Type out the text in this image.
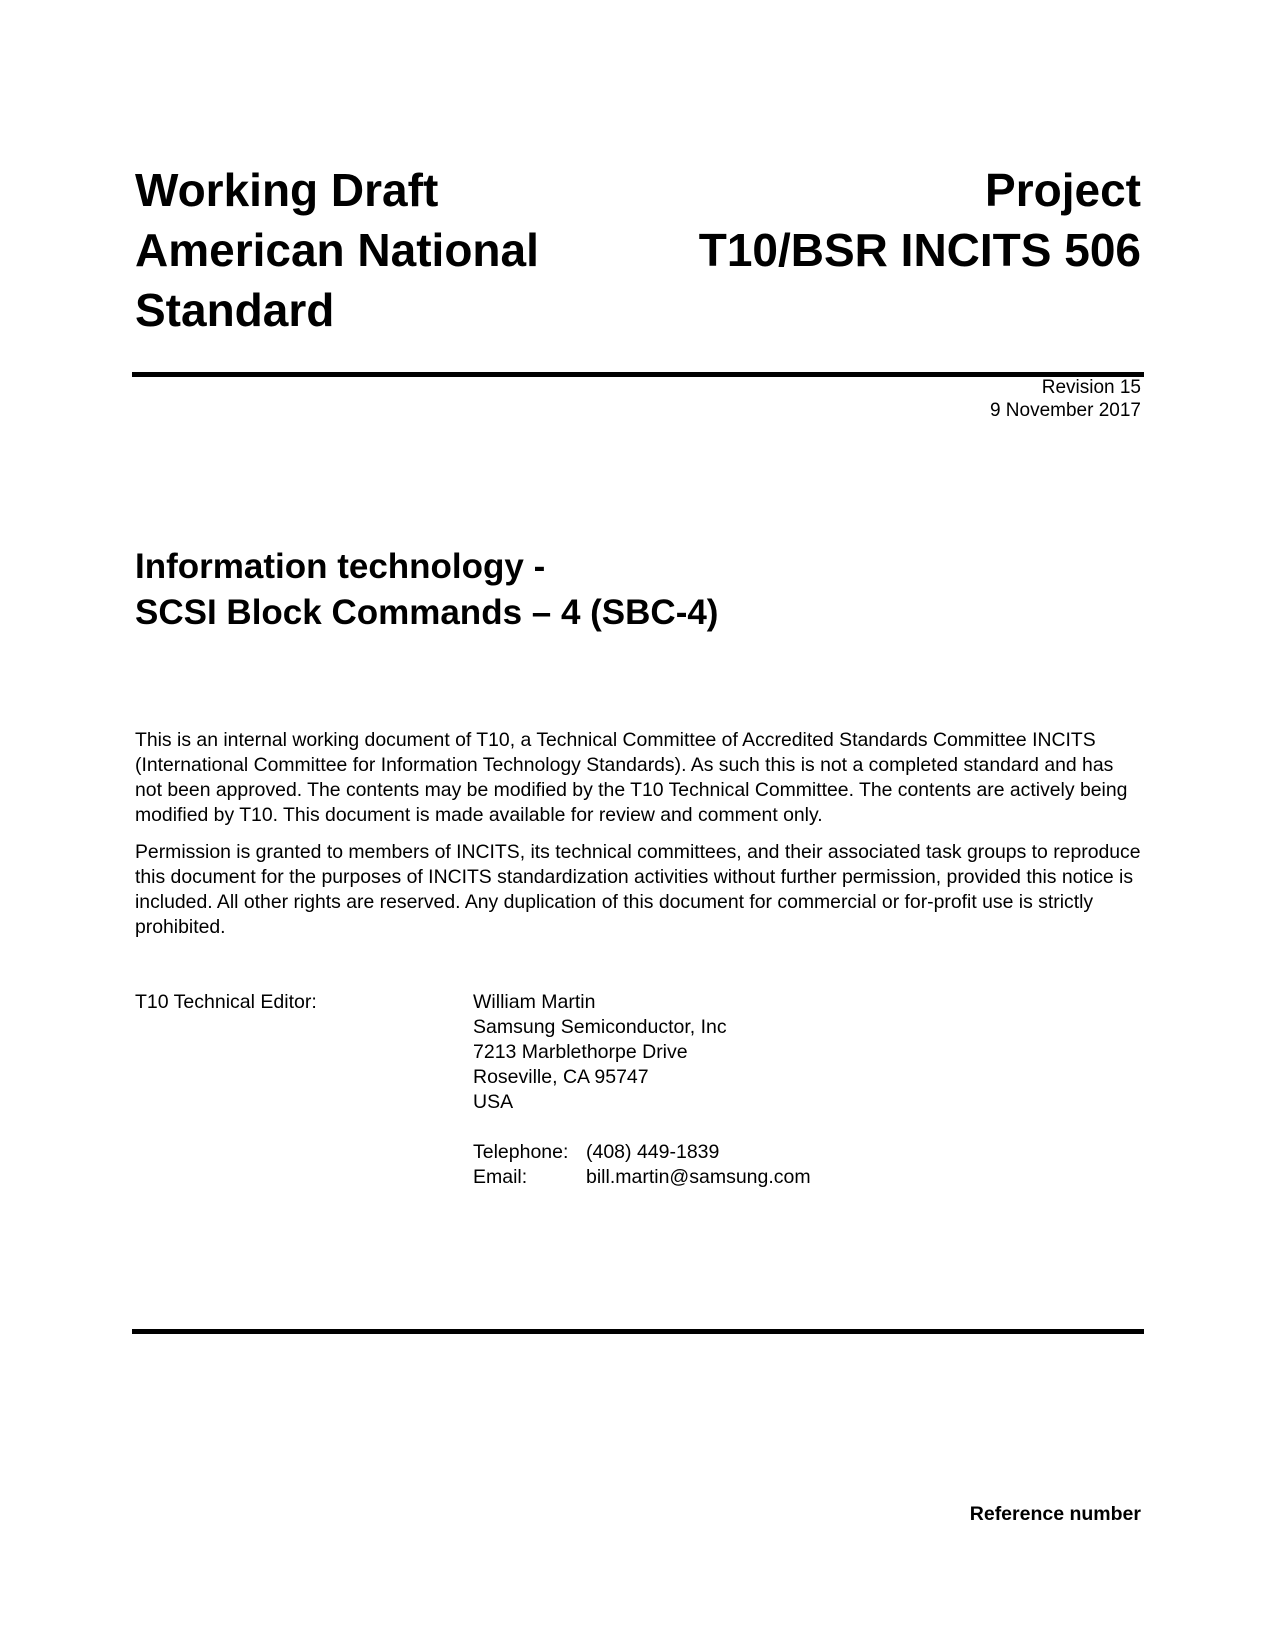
Working Draft
American National
Standard
Project
T10/BSR INCITS 506
Revision 15
9 November 2017
Information technology -
SCSI Block Commands – 4 (SBC-4)

This is an internal working document of T10, a Technical Committee of Accredited Standards Committee INCITS (International Committee for Information Technology Standards). As such this is not a completed standard and has not been approved. The contents may be modified by the T10 Technical Committee. The contents are actively being modified by T10. This document is made available for review and comment only.

Permission is granted to members of INCITS, its technical committees, and their associated task groups to reproduce this document for the purposes of INCITS standardization activities without further permission, provided this notice is included. All other rights are reserved. Any duplication of this document for commercial or for-profit use is strictly prohibited.

T10 Technical Editor:	William Martin
Samsung Semiconductor, Inc
7213 Marblethorpe Drive
Roseville, CA 95747
USA
Telephone: (408) 449-1839
Email:	bill.martin@samsung.com
Reference number
